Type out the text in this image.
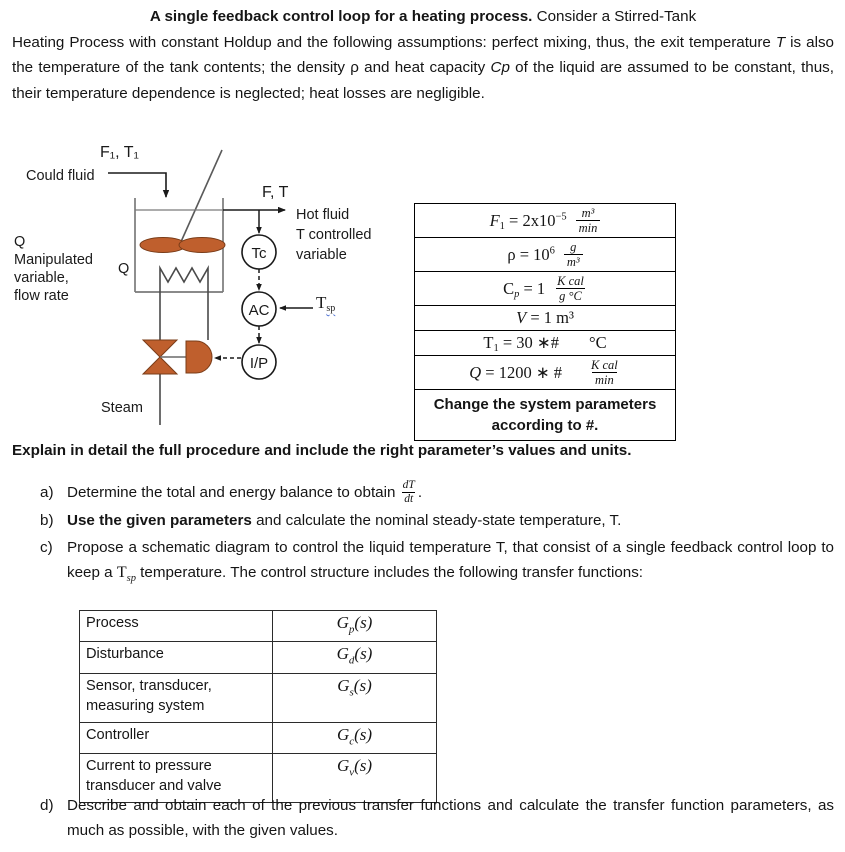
A single feedback control loop for a heating process. Consider a Stirred-Tank
Heating Process with constant Holdup and the following assumptions: perfect mixing, thus, the exit temperature T is also the temperature of the tank contents; the density ρ and heat capacity Cp of the liquid are assumed to be constant, thus, their temperature dependence is neglected; heat losses are negligible.
Tc
AC
I/P
F₁, T₁
Could fluid
Q
Manipulated
variable,
flow rate
Q
F, T
Hot fluid
T controlled
variable
$T_{sp}$
Steam
$F_1 = 2x10^{-5} \frac{\text{m³}}{\min}$

$\rho = 10^6 \frac{g}{\text{m³}}$

$C_p = 1 \frac{\text{K cal}}{g ^\circ C}$

V = 1 m³

$T_1 = 30$ ∗# °C

Q = 1200 ∗ # $\frac{\text{K cal}}{\min}$

Change the system parameters according to #.
Explain in detail the full procedure and include the right parameter’s values and units.
a) Determine the total and energy balance to obtain $\frac{dT}{dt}$ .
b) Use the given parameters and calculate the nominal steady-state temperature, T.
c) Propose a schematic diagram to control the liquid temperature T, that consist of a single feedback control loop to keep a $T_{sp}$ temperature. The control structure includes the following transfer functions:
Process	$G_p(s)$
Disturbance	$G_d(s)$
Sensor, transducer, measuring system	$G_s(s)$
Controller	$G_c(s)$
Current to pressure transducer and valve	$G_v(s)$
d) Describe and obtain each of the previous transfer functions and calculate the transfer function parameters, as much as possible, with the given values.
